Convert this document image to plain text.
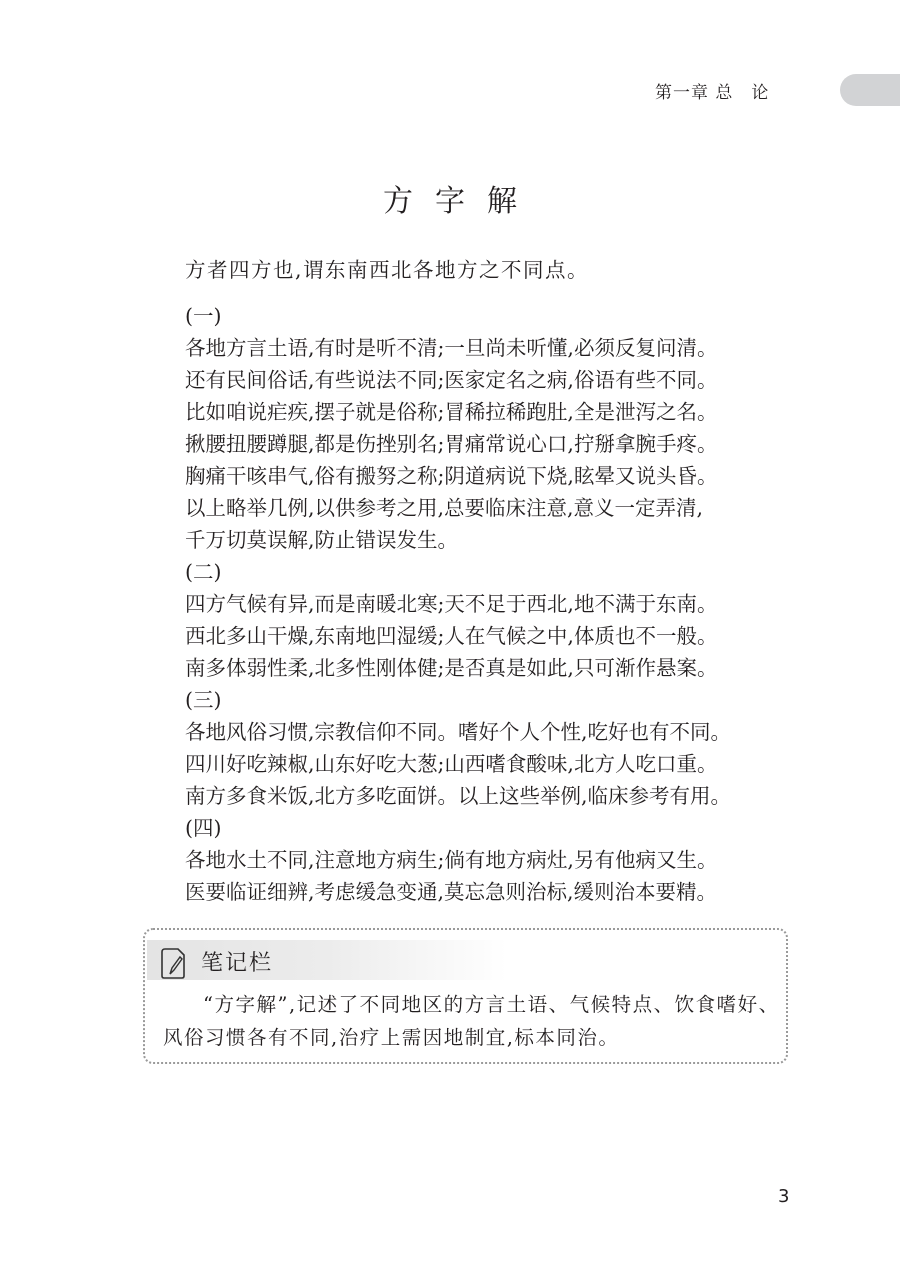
第一章 总　论
方字解
方者四方也,谓东南西北各地方之不同点。
(一)
各地方言土语,有时是听不清;一旦尚未听懂,必须反复问清。
还有民间俗话,有些说法不同;医家定名之病,俗语有些不同。
比如咱说疟疾,摆子就是俗称;冒稀拉稀跑肚,全是泄泻之名。
揪腰扭腰蹲腿,都是伤挫别名;胃痛常说心口,拧掰拿腕手疼。
胸痛干咳串气,俗有搬努之称;阴道病说下烧,眩晕又说头昏。
以上略举几例,以供参考之用,总要临床注意,意义一定弄清,
千万切莫误解,防止错误发生。
(二)
四方气候有异,而是南暖北寒;天不足于西北,地不满于东南。
西北多山干燥,东南地凹湿缓;人在气候之中,体质也不一般。
南多体弱性柔,北多性刚体健;是否真是如此,只可渐作悬案。
(三)
各地风俗习惯,宗教信仰不同。嗜好个人个性,吃好也有不同。
四川好吃辣椒,山东好吃大葱;山西嗜食酸味,北方人吃口重。
南方多食米饭,北方多吃面饼。以上这些举例,临床参考有用。
(四)
各地水土不同,注意地方病生;倘有地方病灶,另有他病又生。
医要临证细辨,考虑缓急变通,莫忘急则治标,缓则治本要精。
笔记栏
“方字解”,记述了不同地区的方言土语、气候特点、饮食嗜好、风俗习惯各有不同,治疗上需因地制宜,标本同治。
3
